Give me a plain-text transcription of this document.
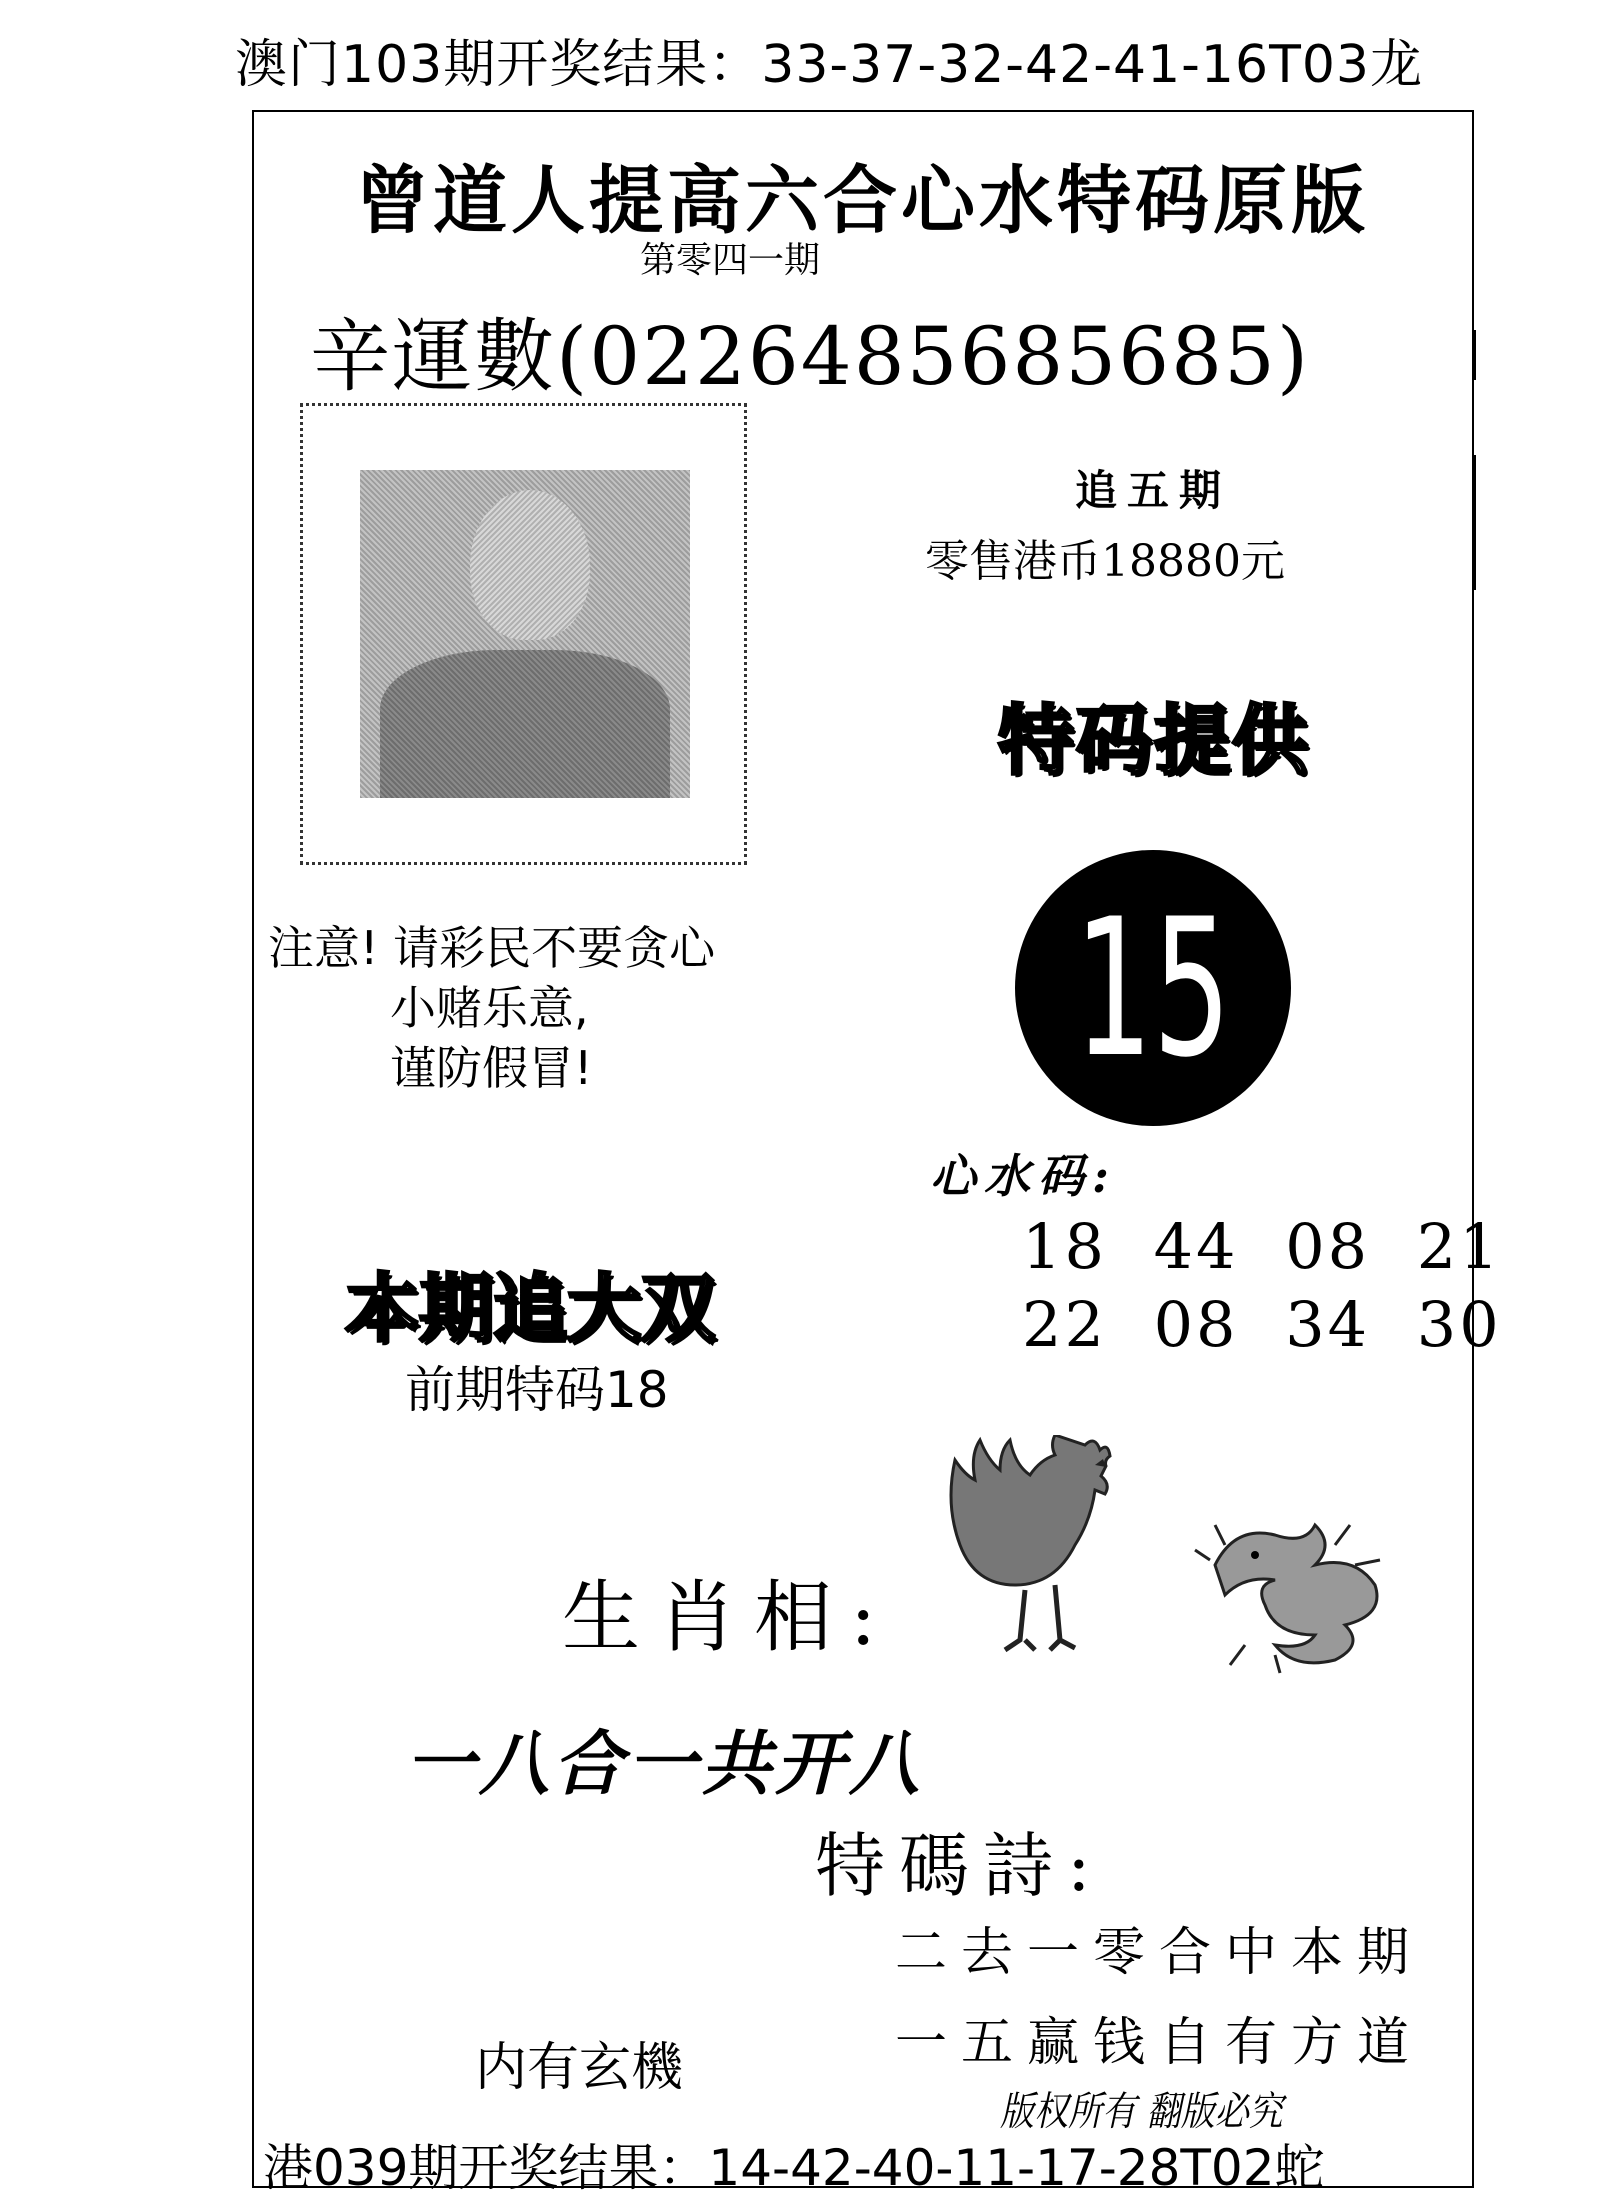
澳门103期开奖结果：33-37-32-42-41-16T03龙
曾道人提高六合心水特码原版
第零四一期
辛運數(0226485685685)
追五期
零售港币18880元
特码提供
15
注意! 请彩民不要贪心
小赌乐意,
谨防假冒!
心水码:
18 44 08 21
22 08 34 30
本期追大双
前期特码18
生肖相:
一八合一共开八
特碼詩:
二去一零合中本期
一五赢钱自有方道
内有玄機
版权所有 翻版必究
港039期开奖结果：14-42-40-11-17-28T02蛇
